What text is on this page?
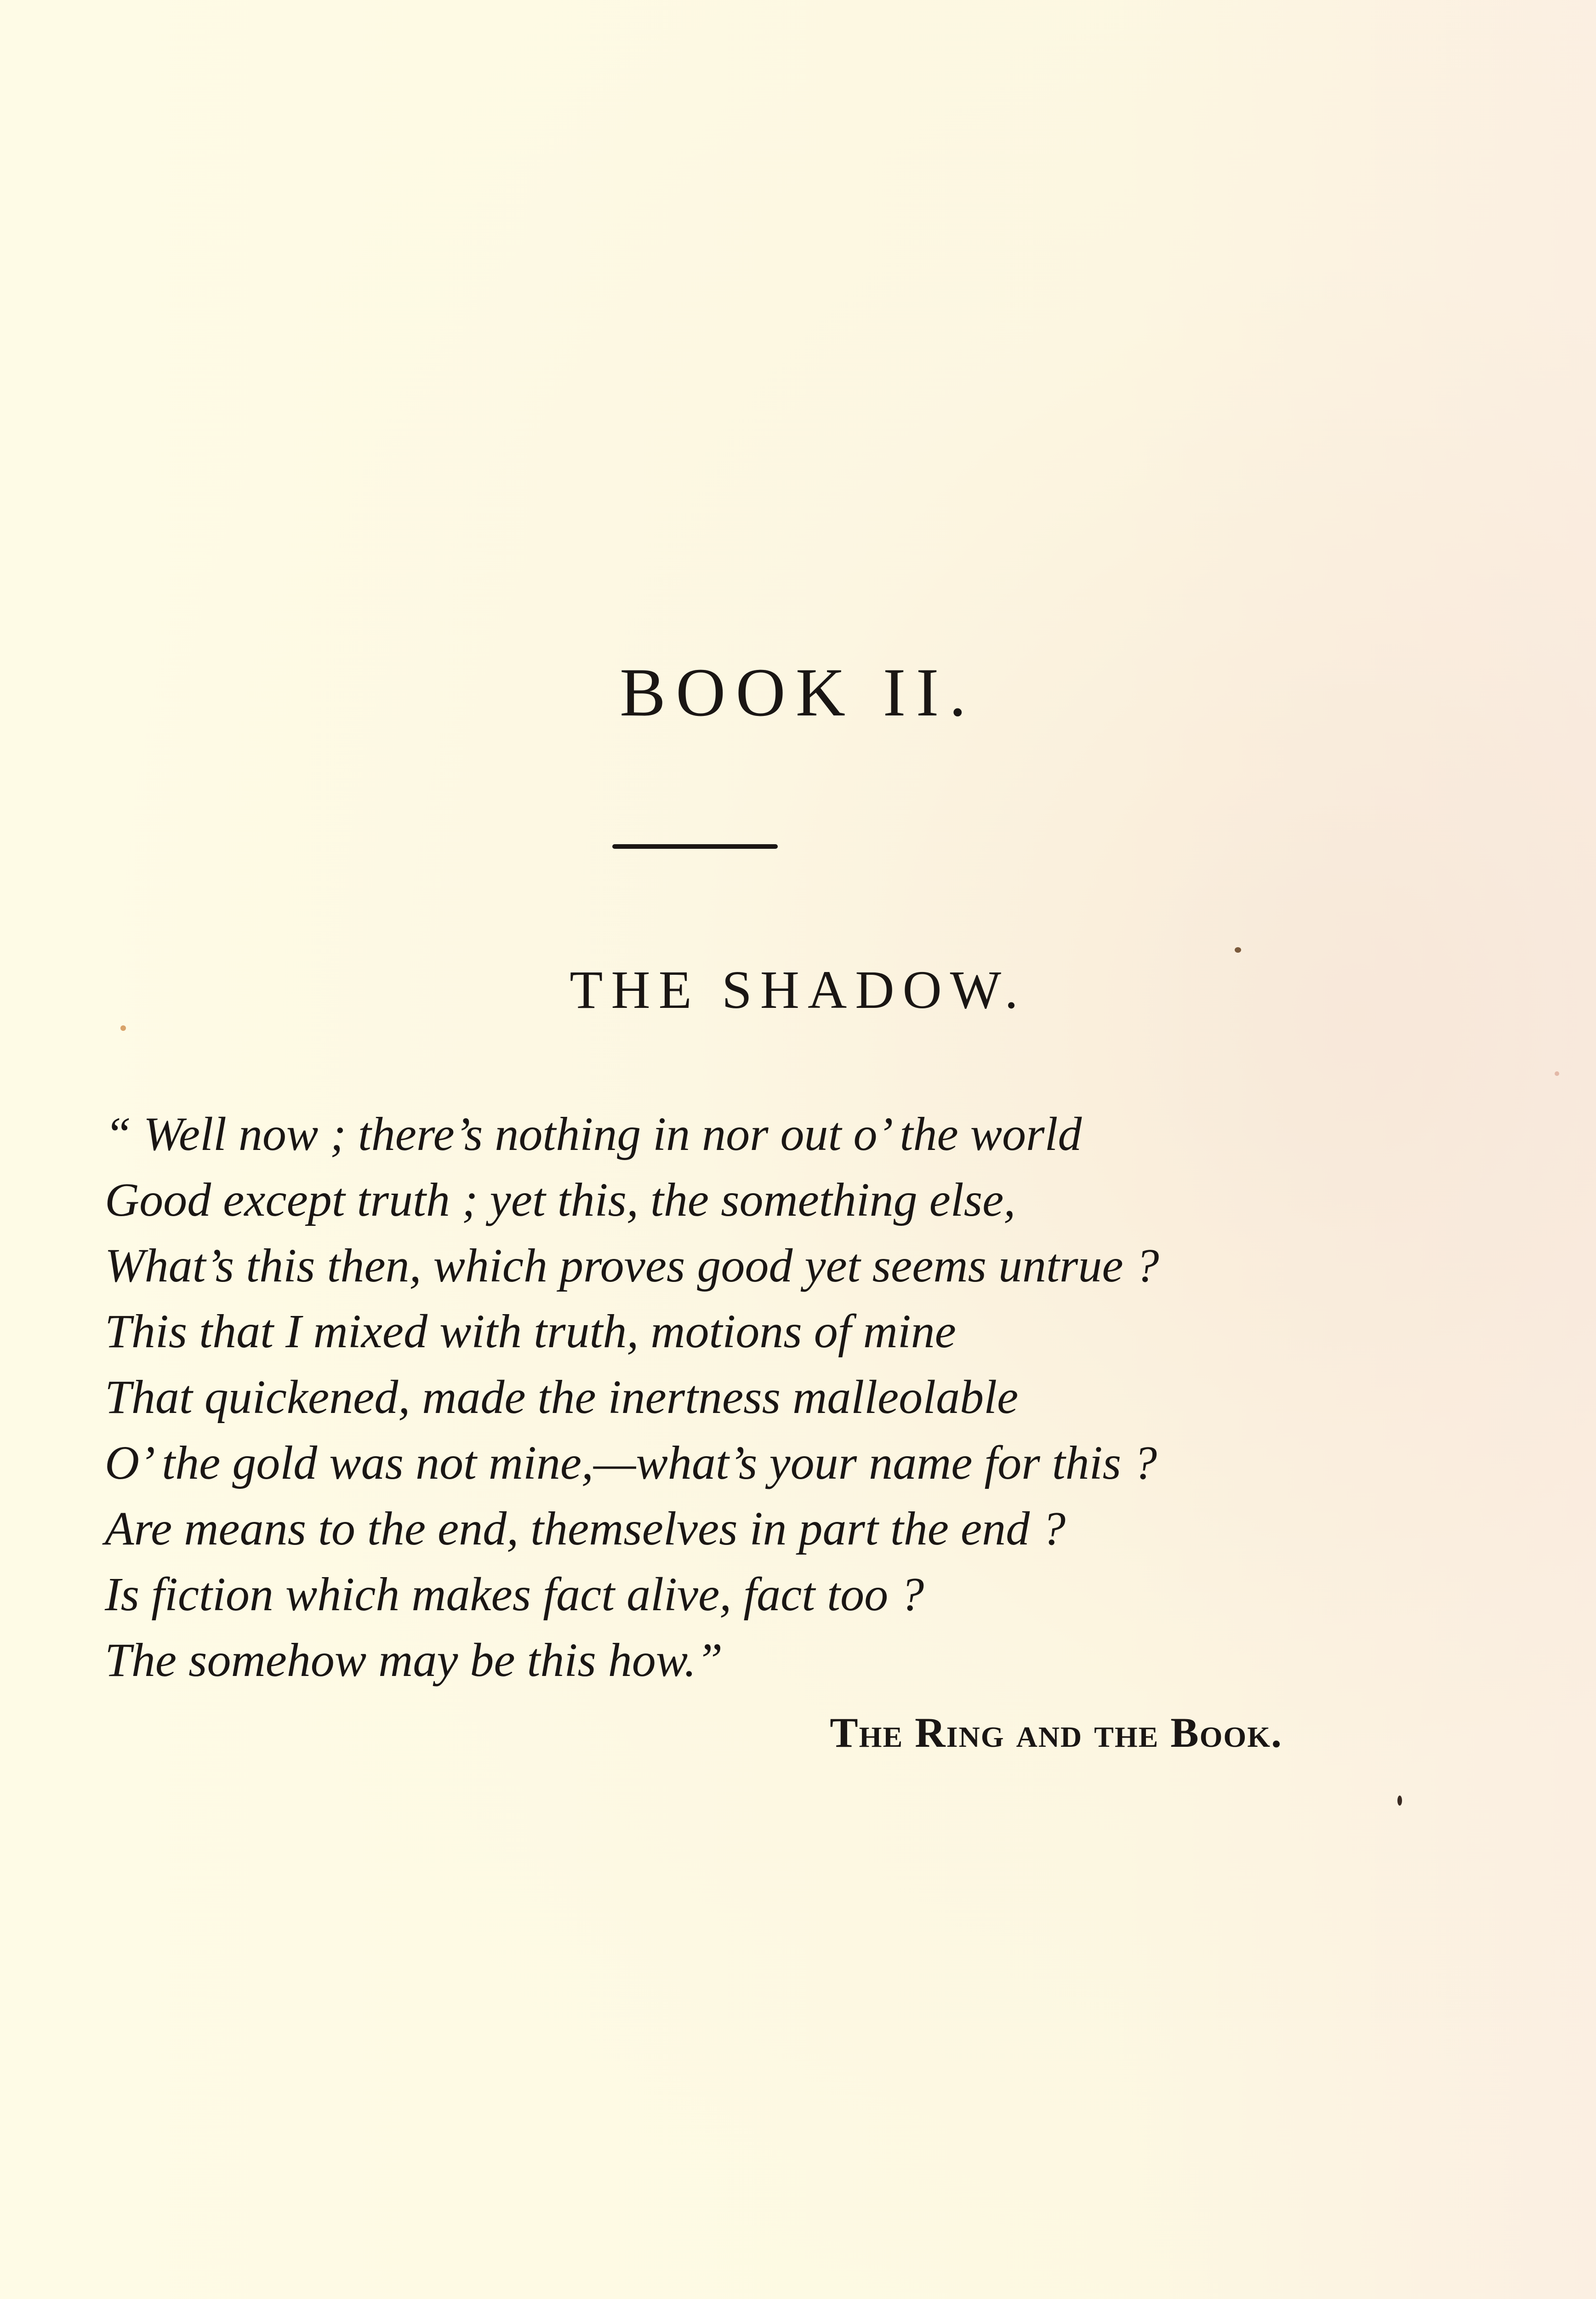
BOOK II.
THE SHADOW.
“ Well now ; there’s nothing in nor out o’ the world
Good except truth ; yet this, the something else,
What’s this then, which proves good yet seems untrue ?
This that I mixed with truth, motions of mine
That quickened, made the inertness malleolable
O’ the gold was not mine,—what’s your name for this ?
Are means to the end, themselves in part the end ?
Is fiction which makes fact alive, fact too ?
The somehow may be this how.”
The Ring and the Book.
